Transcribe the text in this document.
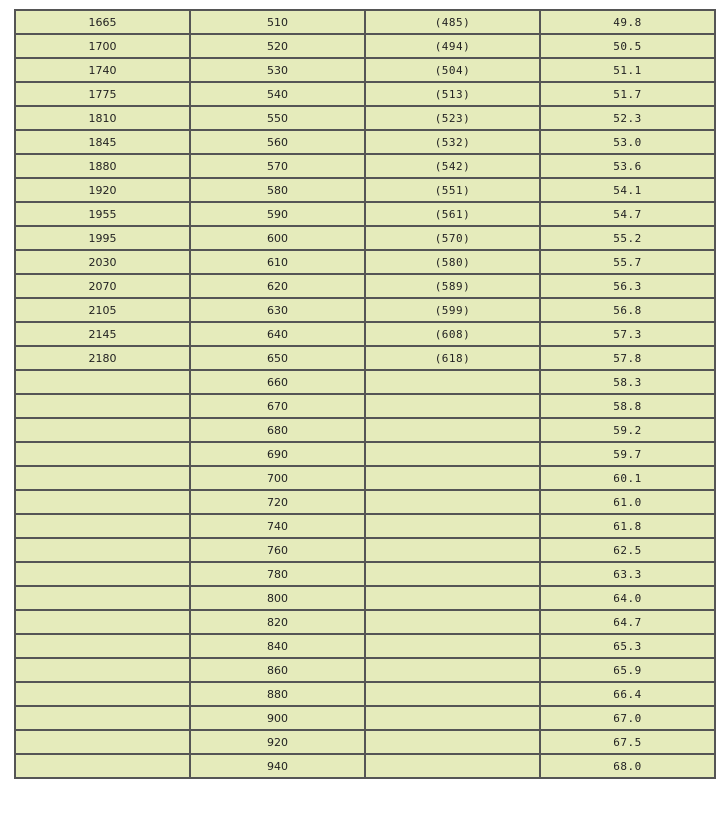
1665	510	(485)	49.8
1700	520	(494)	50.5
1740	530	(504)	51.1
1775	540	(513)	51.7
1810	550	(523)	52.3
1845	560	(532)	53.0
1880	570	(542)	53.6
1920	580	(551)	54.1
1955	590	(561)	54.7
1995	600	(570)	55.2
2030	610	(580)	55.7
2070	620	(589)	56.3
2105	630	(599)	56.8
2145	640	(608)	57.3
2180	650	(618)	57.8
	660		58.3
	670		58.8
	680		59.2
	690		59.7
	700		60.1
	720		61.0
	740		61.8
	760		62.5
	780		63.3
	800		64.0
	820		64.7
	840		65.3
	860		65.9
	880		66.4
	900		67.0
	920		67.5
	940		68.0
